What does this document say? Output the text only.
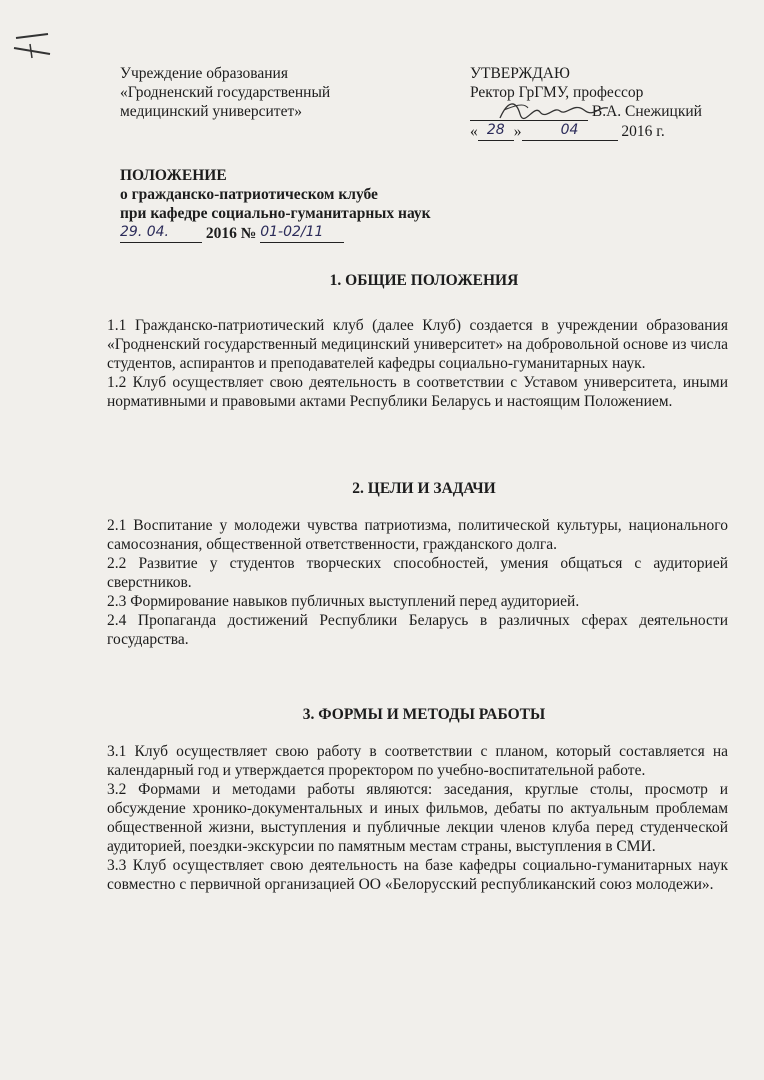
Учреждение образования
«Гродненский государственный
медицинский университет»
УТВЕРЖДАЮ
Ректор ГрГМУ, профессор

В.А. Снежицкий
« 28 »	04	2016 г.
ПОЛОЖЕНИЕ
о гражданско-патриотическом клубе
при кафедре социально-гуманитарных наук
29. 04. 2016 № 01-02/11
1. ОБЩИЕ ПОЛОЖЕНИЯ

1.1 Гражданско-патриотический клуб (далее Клуб) создается в учреждении образования «Гродненский государственный медицинский университет» на добровольной основе из числа студентов, аспирантов и преподавателей кафедры социально-гуманитарных наук.

1.2 Клуб осуществляет свою деятельность в соответствии с Уставом университета, иными нормативными и правовыми актами Республики Беларусь и настоящим Положением.

2. ЦЕЛИ И ЗАДАЧИ

2.1 Воспитание у молодежи чувства патриотизма, политической культуры, национального самосознания, общественной ответственности, гражданского долга.

2.2 Развитие у студентов творческих способностей, умения общаться с аудиторией сверстников.

2.3 Формирование навыков публичных выступлений перед аудиторией.

2.4 Пропаганда достижений Республики Беларусь в различных сферах деятельности государства.

3. ФОРМЫ И МЕТОДЫ РАБОТЫ

3.1 Клуб осуществляет свою работу в соответствии с планом, который составляется на календарный год и утверждается проректором по учебно-воспитательной работе.

3.2 Формами и методами работы являются: заседания, круглые столы, просмотр и обсуждение хронико-документальных и иных фильмов, дебаты по актуальным проблемам общественной жизни, выступления и публичные лекции членов клуба перед студенческой аудиторией, поездки-экскурсии по памятным местам страны, выступления в СМИ.

3.3 Клуб осуществляет свою деятельность на базе кафедры социально-гуманитарных наук совместно с первичной организацией ОО «Белорусский республиканский союз молодежи».
